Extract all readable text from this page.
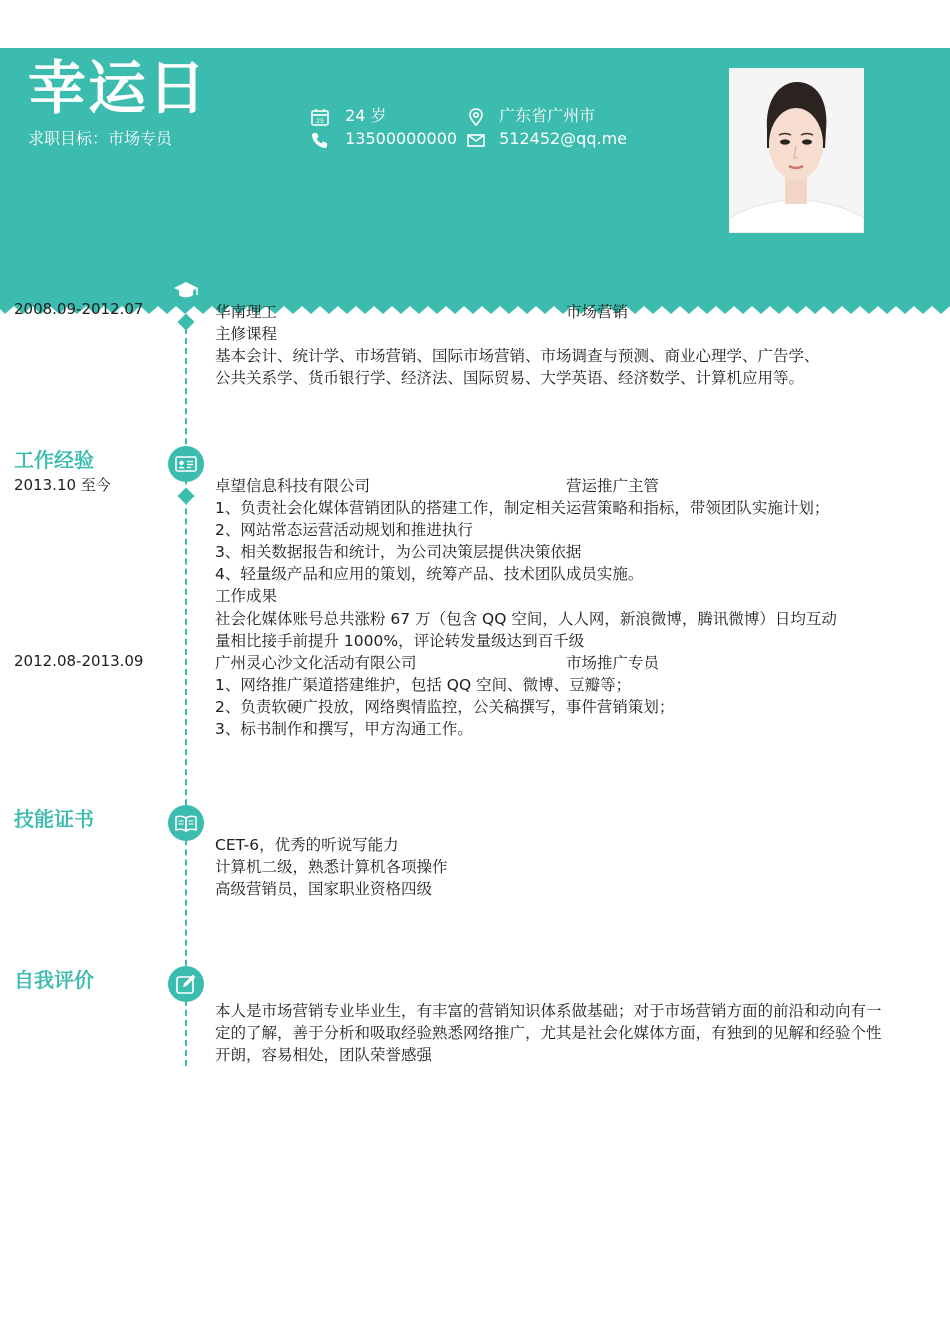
幸运日
求职目标：市场专员
25 24 岁	广东省广州市
13500000000	512452@qq.me
2008.09-2012.07	华南理工	市场营销
主修课程
基本会计、统计学、市场营销、国际市场营销、市场调查与预测、商业心理学、广告学、
公共关系学、货币银行学、经济法、国际贸易、大学英语、经济数学、计算机应用等。
工作经验
2013.10 至今	卓望信息科技有限公司	营运推广主管
1、负责社会化媒体营销团队的搭建工作，制定相关运营策略和指标，带领团队实施计划；
2、网站常态运营活动规划和推进执行
3、相关数据报告和统计，为公司决策层提供决策依据
4、轻量级产品和应用的策划，统筹产品、技术团队成员实施。
工作成果
社会化媒体账号总共涨粉 67 万（包含 QQ 空间，人人网，新浪微博，腾讯微博）日均互动
量相比接手前提升 1000%，评论转发量级达到百千级
2012.08-2013.09	广州灵心沙文化活动有限公司	市场推广专员
1、网络推广渠道搭建维护，包括 QQ 空间、微博、豆瓣等；
2、负责软硬广投放，网络舆情监控，公关稿撰写，事件营销策划；
3、标书制作和撰写，甲方沟通工作。
技能证书
CET-6，优秀的听说写能力
计算机二级，熟悉计算机各项操作
高级营销员，国家职业资格四级
自我评价
本人是市场营销专业毕业生，有丰富的营销知识体系做基础；对于市场营销方面的前沿和动向有一定的了解，善于分析和吸取经验熟悉网络推广，尤其是社会化媒体方面，有独到的见解和经验个性开朗，容易相处，团队荣誉感强
